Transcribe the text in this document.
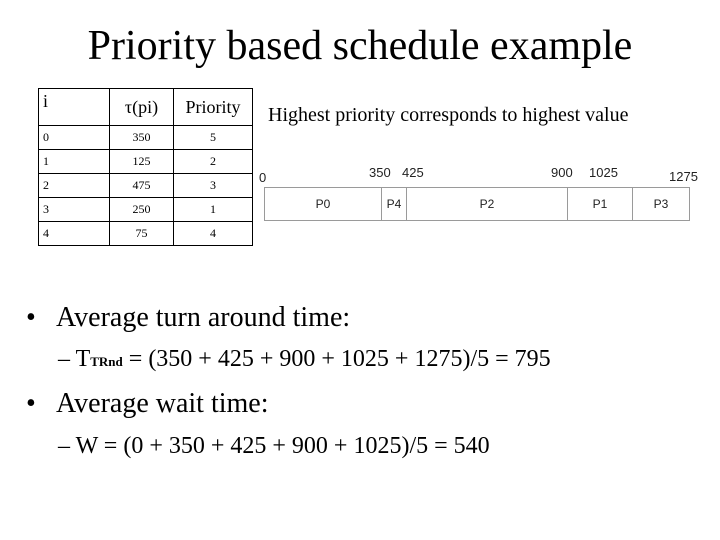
Priority based schedule example
i	τ(pi)	Priority
0	350	5
1	125	2
2	475	3
3	250	1
4	75	4
Highest priority corresponds to highest value
0	350 425	900 1025	1275
P0	P4	P2	P1	P3
• Average turn around time:
– TTRnd = (350 + 425 + 900 + 1025 + 1275)/5 = 795
• Average wait time:
– W = (0 + 350 + 425 + 900 + 1025)/5 = 540
